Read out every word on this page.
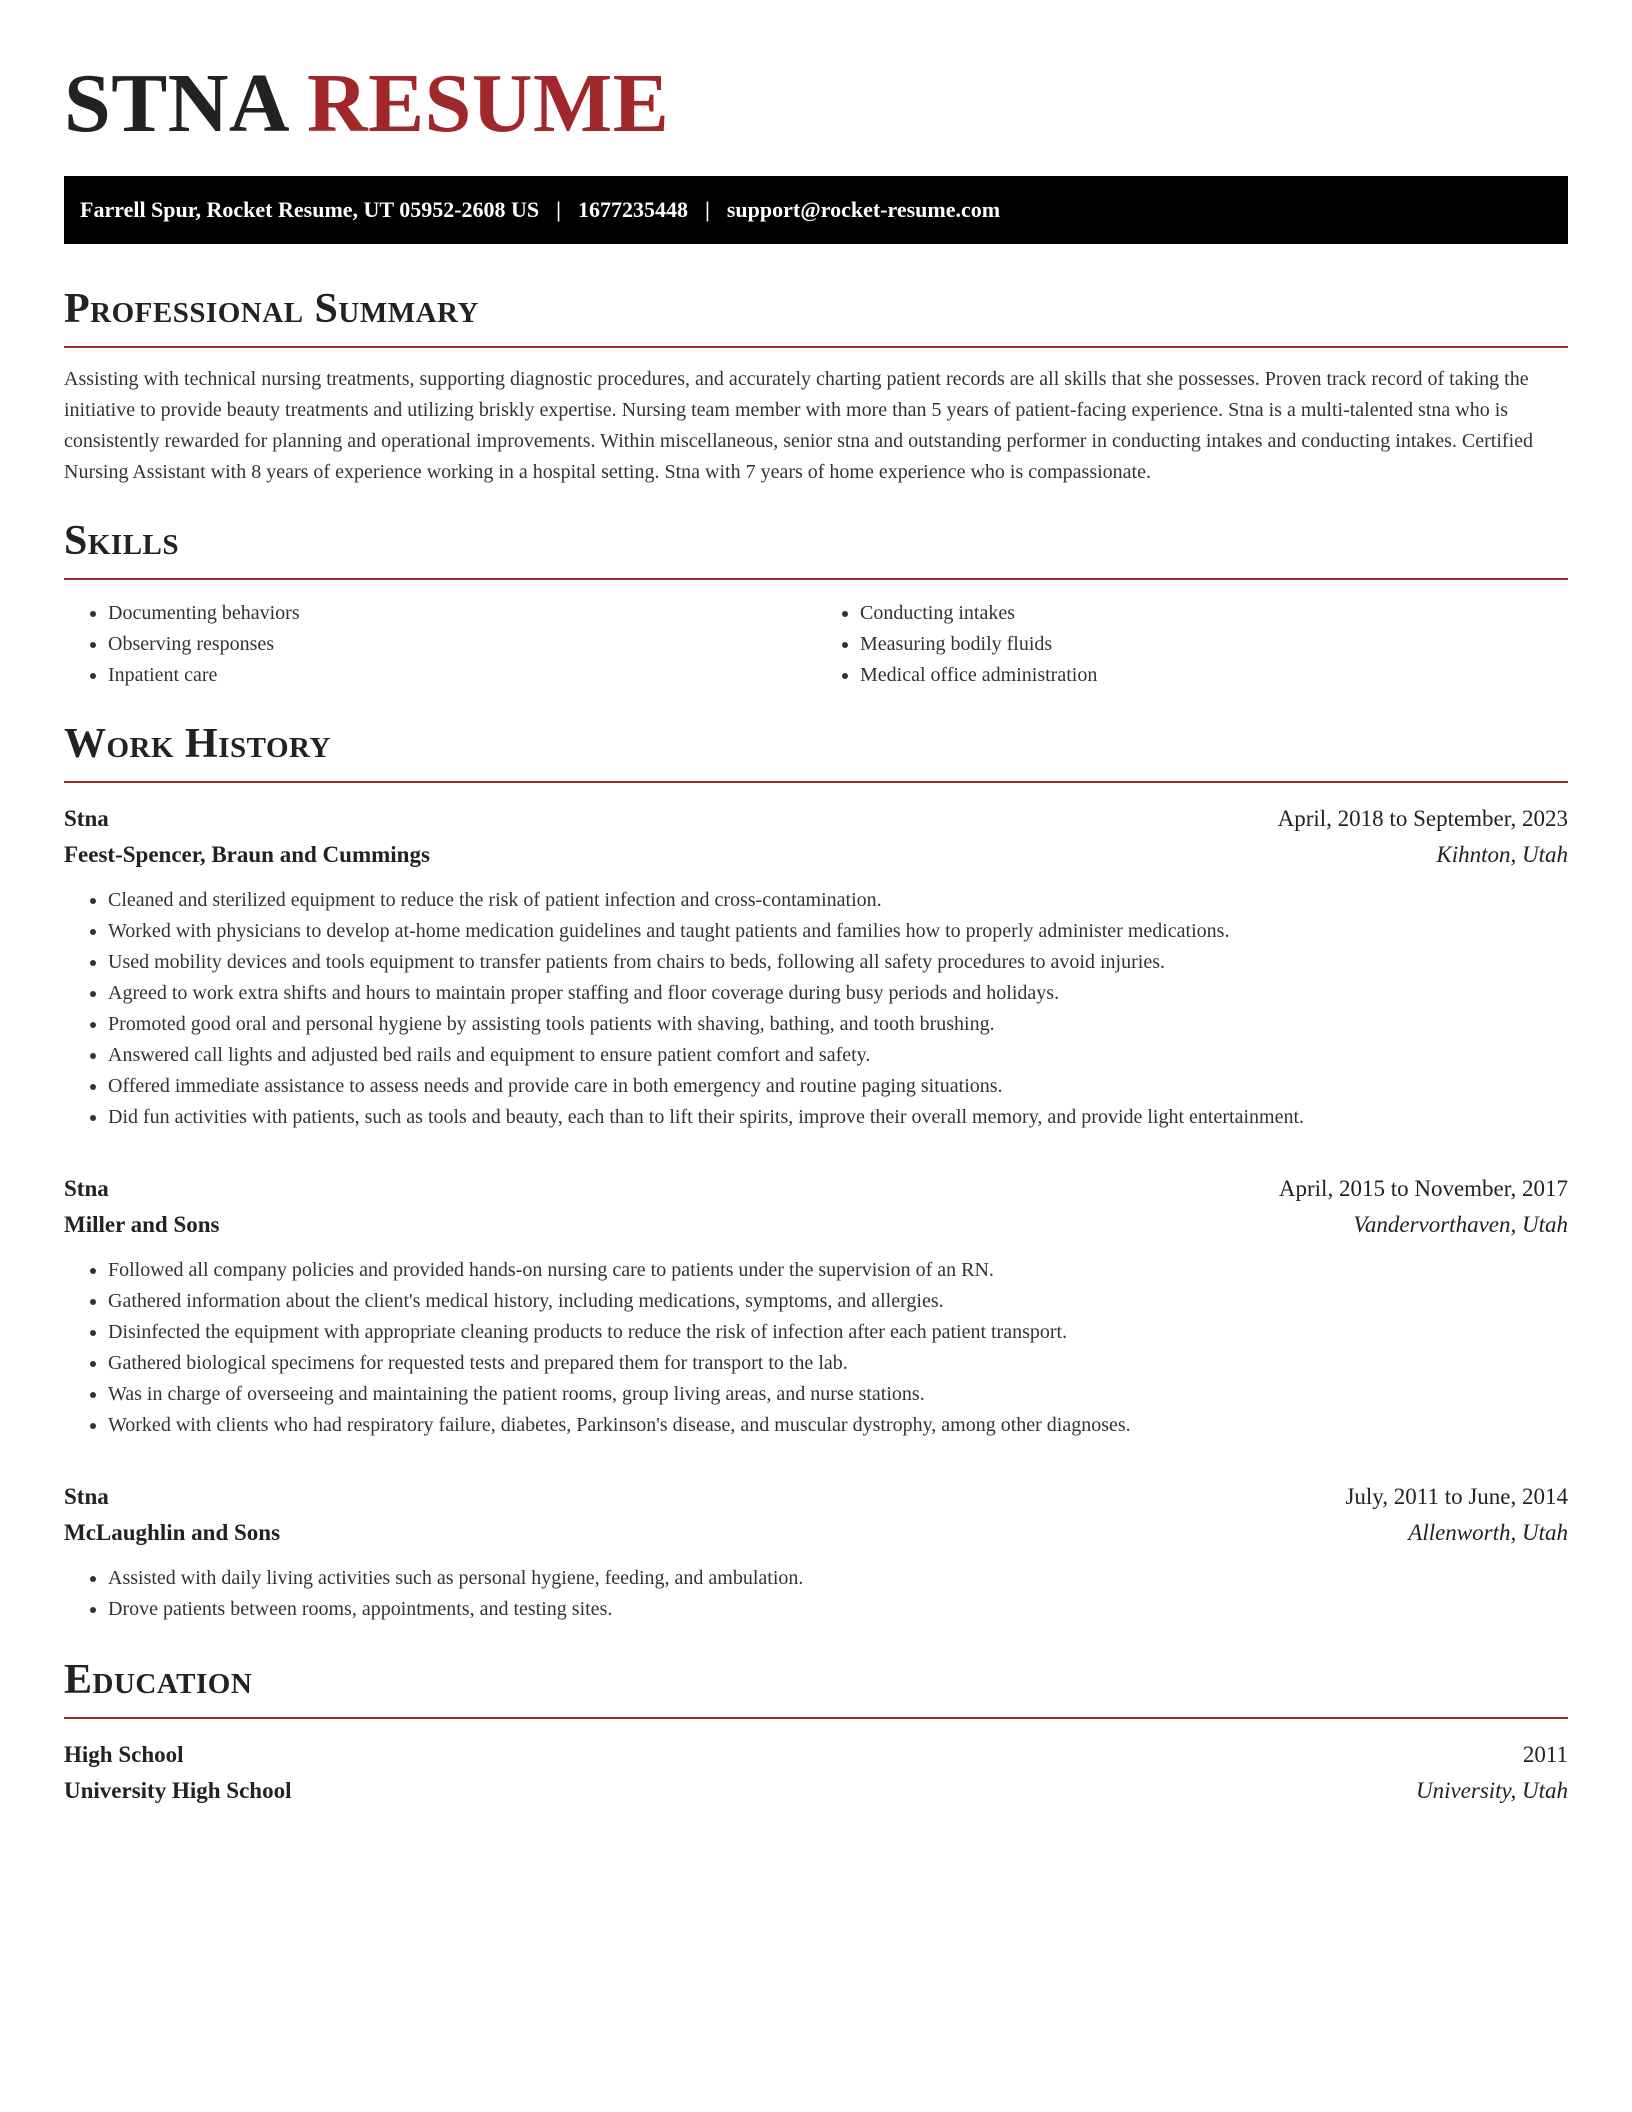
STNA RESUME
Farrell Spur, Rocket Resume, UT 05952-2608 US | 1677235448 | support@rocket-resume.com
Professional Summary

Assisting with technical nursing treatments, supporting diagnostic procedures, and accurately charting patient records are all skills that she possesses. Proven track record of taking the initiative to provide beauty treatments and utilizing briskly expertise. Nursing team member with more than 5 years of patient-facing experience. Stna is a multi-talented stna who is consistently rewarded for planning and operational improvements. Within miscellaneous, senior stna and outstanding performer in conducting intakes and conducting intakes. Certified Nursing Assistant with 8 years of experience working in a hospital setting. Stna with 7 years of home experience who is compassionate.

Skills
• Documenting behaviors
• Observing responses
• Inpatient care
• Conducting intakes
• Measuring bodily fluids
• Medical office administration
Work History
Stna	April, 2018 to September, 2023
Feest-Spencer, Braun and Cummings	Kihnton, Utah
• Cleaned and sterilized equipment to reduce the risk of patient infection and cross-contamination.
• Worked with physicians to develop at-home medication guidelines and taught patients and families how to properly administer medications.
• Used mobility devices and tools equipment to transfer patients from chairs to beds, following all safety procedures to avoid injuries.
• Agreed to work extra shifts and hours to maintain proper staffing and floor coverage during busy periods and holidays.
• Promoted good oral and personal hygiene by assisting tools patients with shaving, bathing, and tooth brushing.
• Answered call lights and adjusted bed rails and equipment to ensure patient comfort and safety.
• Offered immediate assistance to assess needs and provide care in both emergency and routine paging situations.
• Did fun activities with patients, such as tools and beauty, each than to lift their spirits, improve their overall memory, and provide light entertainment.
Stna	April, 2015 to November, 2017
Miller and Sons	Vandervorthaven, Utah
• Followed all company policies and provided hands-on nursing care to patients under the supervision of an RN.
• Gathered information about the client's medical history, including medications, symptoms, and allergies.
• Disinfected the equipment with appropriate cleaning products to reduce the risk of infection after each patient transport.
• Gathered biological specimens for requested tests and prepared them for transport to the lab.
• Was in charge of overseeing and maintaining the patient rooms, group living areas, and nurse stations.
• Worked with clients who had respiratory failure, diabetes, Parkinson's disease, and muscular dystrophy, among other diagnoses.
Stna	July, 2011 to June, 2014
McLaughlin and Sons	Allenworth, Utah
• Assisted with daily living activities such as personal hygiene, feeding, and ambulation.
• Drove patients between rooms, appointments, and testing sites.
Education
High School	2011
University High School	University, Utah
